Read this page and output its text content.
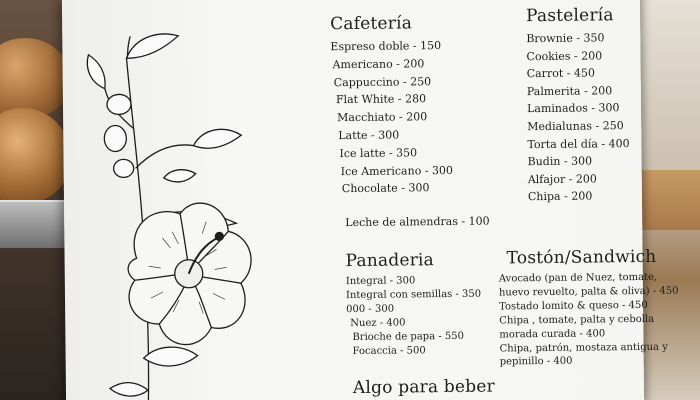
Cafetería
Espreso doble - 150
Americano - 200
Cappuccino - 250
Flat White - 280
Macchiato - 200
Latte - 300
Ice latte - 350
Ice Americano - 300
Chocolate - 300
Leche de almendras - 100
Pastelería
Brownie - 350
Cookies - 200
Carrot - 450
Palmerita - 200
Laminados - 300
Medialunas - 250
Torta del día - 400
Budin - 300
Alfajor - 200
Chipa - 200
Panaderia
Integral - 300
Integral con semillas - 350
000 - 300
Nuez - 400
Brioche de papa - 550
Focaccia - 500
Tostón/Sandwich
Avocado (pan de Nuez, tomate,
huevo revuelto, palta & oliva) - 450
Tostado lomito & queso - 450
Chipa , tomate, palta y cebolla
morada curada - 400
Chipa, patrón, mostaza antigua y
pepinillo - 400
Algo para beber
